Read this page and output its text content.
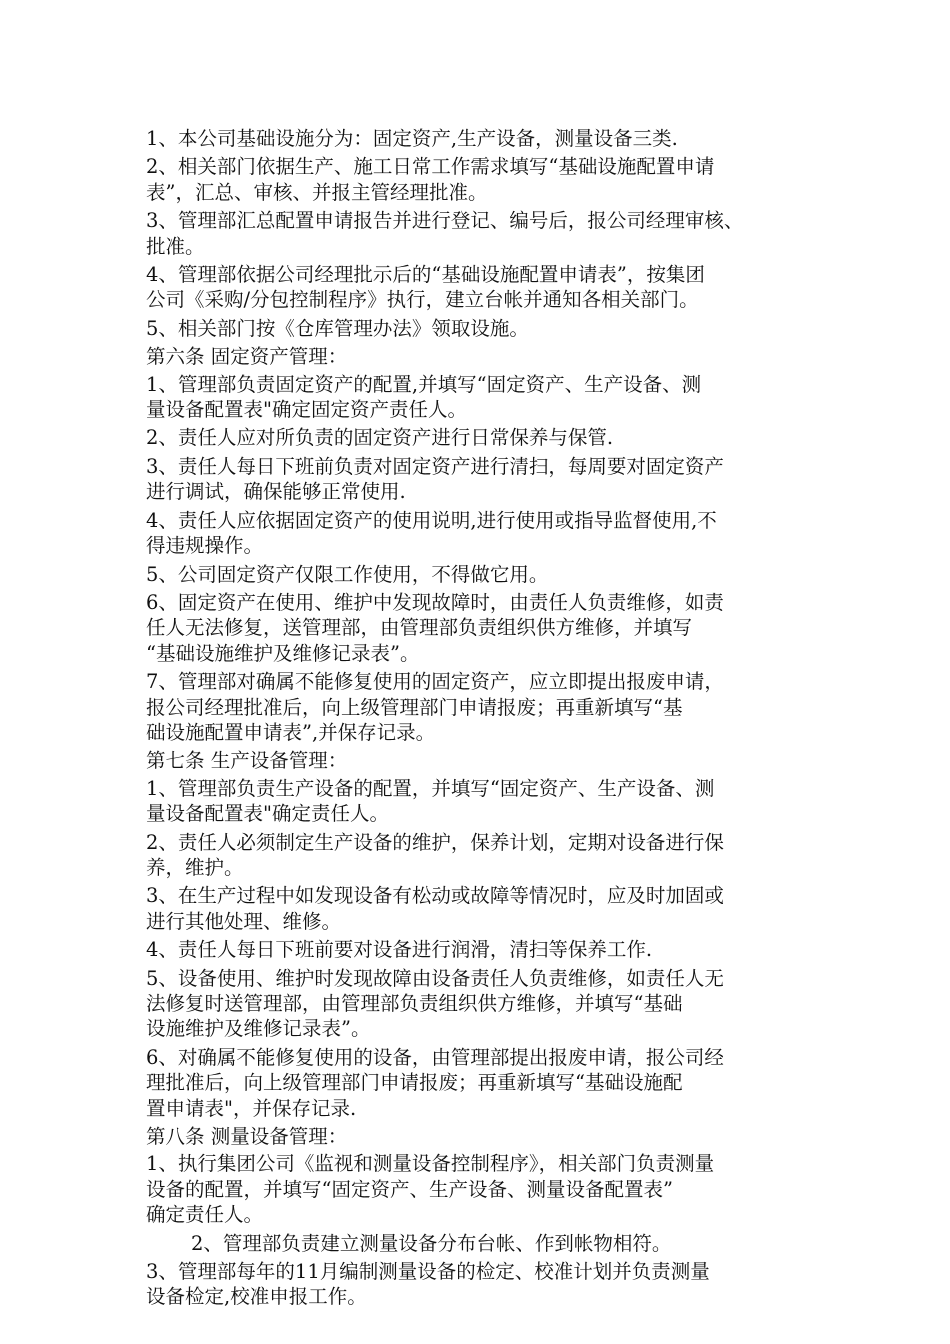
1、本公司基础设施分为：固定资产,生产设备，测量设备三类.
2、相关部门依据生产、施工日常工作需求填写“基础设施配置申请
表”，汇总、审核、并报主管经理批准。
3、管理部汇总配置申请报告并进行登记、编号后，报公司经理审核、
批准。
4、管理部依据公司经理批示后的“基础设施配置申请表”，按集团
公司《采购/分包控制程序》执行，建立台帐并通知各相关部门。
5、相关部门按《仓库管理办法》领取设施。
第六条 固定资产管理：
1、管理部负责固定资产的配置,并填写“固定资产、生产设备、测
量设备配置表"确定固定资产责任人。
2、责任人应对所负责的固定资产进行日常保养与保管.
3、责任人每日下班前负责对固定资产进行清扫，每周要对固定资产
进行调试，确保能够正常使用.
4、责任人应依据固定资产的使用说明,进行使用或指导监督使用,不
得违规操作。
5、公司固定资产仅限工作使用，不得做它用。
6、固定资产在使用、维护中发现故障时，由责任人负责维修，如责
任人无法修复，送管理部，由管理部负责组织供方维修，并填写
“基础设施维护及维修记录表”。
7、管理部对确属不能修复使用的固定资产，应立即提出报废申请，
报公司经理批准后，向上级管理部门申请报废；再重新填写“基
础设施配置申请表”,并保存记录。
第七条 生产设备管理：
1、管理部负责生产设备的配置，并填写“固定资产、生产设备、测
量设备配置表"确定责任人。
2、责任人必须制定生产设备的维护，保养计划，定期对设备进行保
养，维护。
3、在生产过程中如发现设备有松动或故障等情况时，应及时加固或
进行其他处理、维修。
4、责任人每日下班前要对设备进行润滑，清扫等保养工作.
5、设备使用、维护时发现故障由设备责任人负责维修，如责任人无
法修复时送管理部，由管理部负责组织供方维修，并填写“基础
设施维护及维修记录表”。
6、对确属不能修复使用的设备，由管理部提出报废申请，报公司经
理批准后，向上级管理部门申请报废；再重新填写“基础设施配
置申请表"，并保存记录.
第八条 测量设备管理：
1、执行集团公司《监视和测量设备控制程序》，相关部门负责测量
设备的配置，并填写“固定资产、生产设备、测量设备配置表”
确定责任人。
2、管理部负责建立测量设备分布台帐、作到帐物相符。
3、管理部每年的11月编制测量设备的检定、校准计划并负责测量
设备检定,校准申报工作。
